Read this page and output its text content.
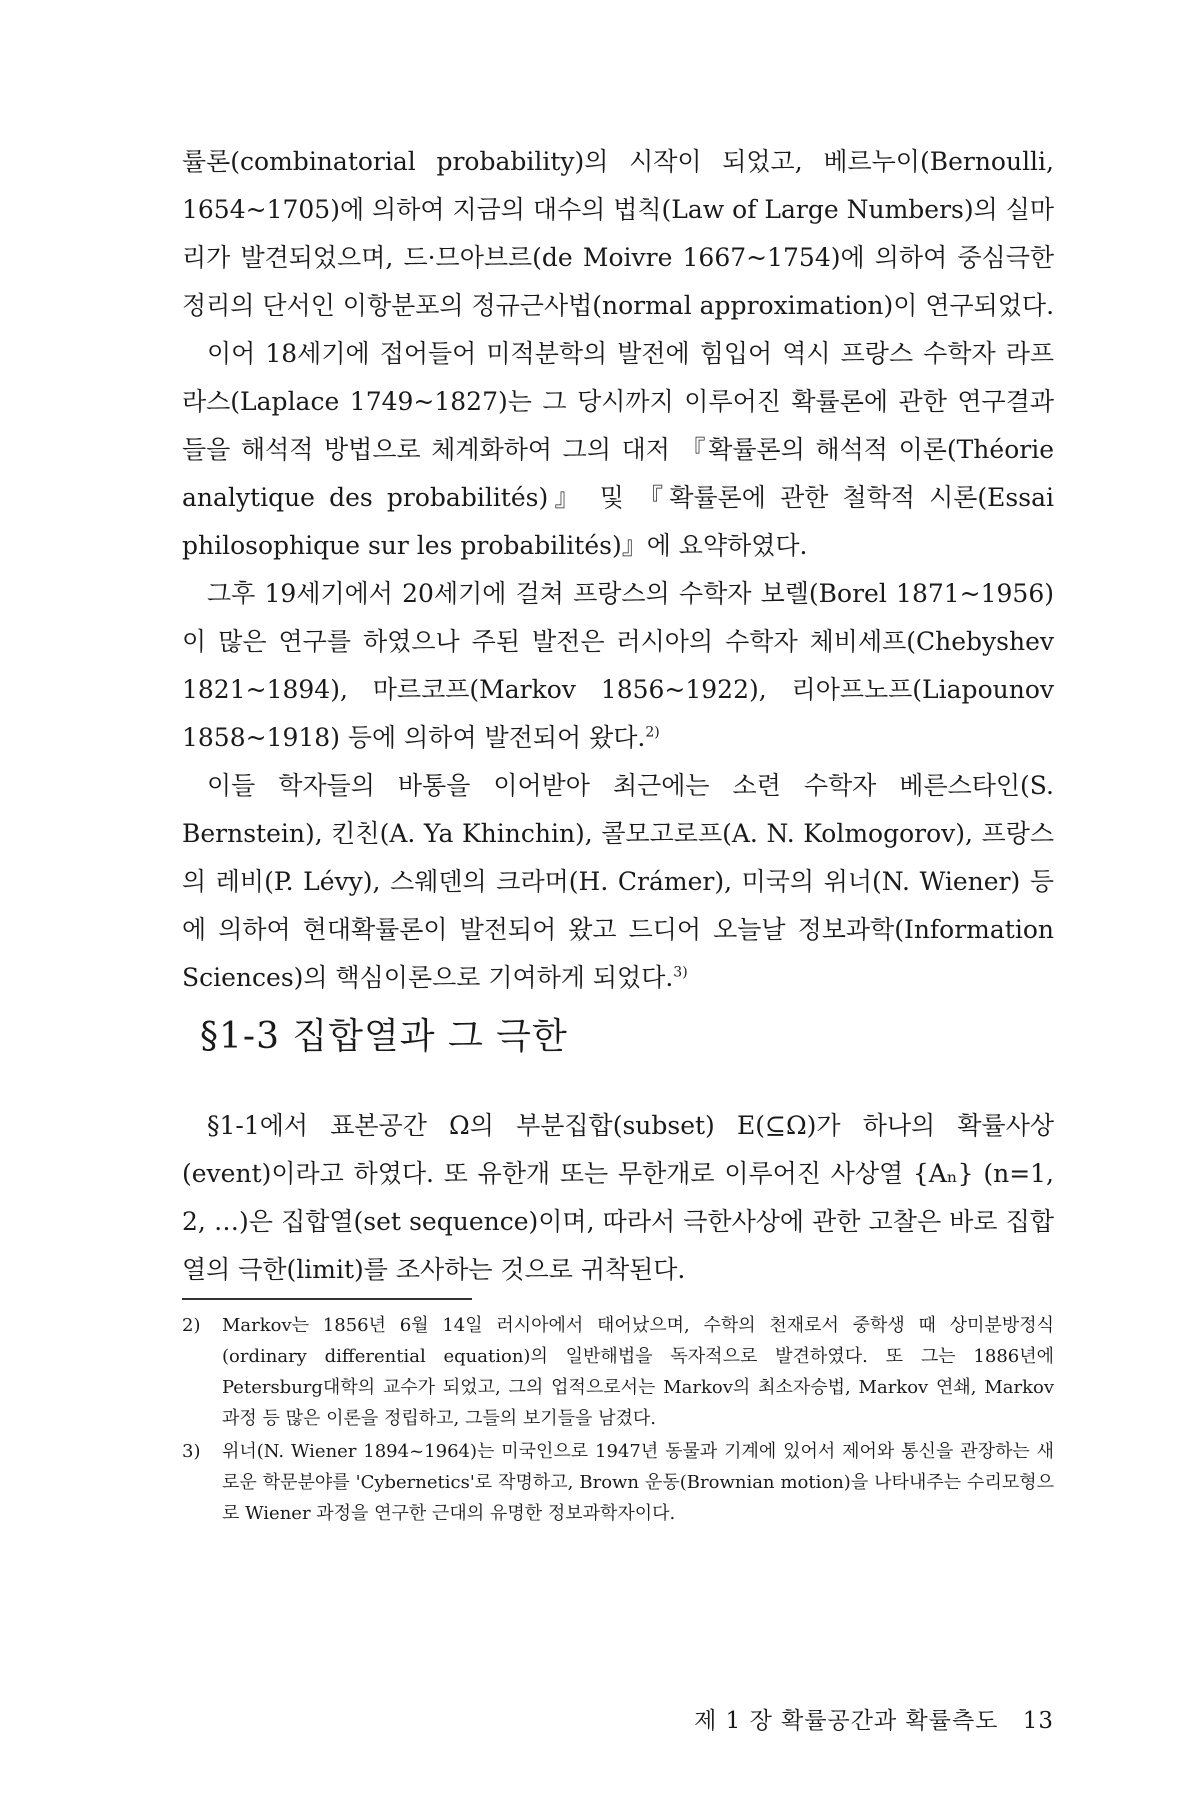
률론(combinatorial probability)의 시작이 되었고, 베르누이(Bernoulli, 1654~1705)에 의하여 지금의 대수의 법칙(Law of Large Numbers)의 실마리가 발견되었으며, 드·므아브르(de Moivre 1667~1754)에 의하여 중심극한정리의 단서인 이항분포의 정규근사법(normal approximation)이 연구되었다.

이어 18세기에 접어들어 미적분학의 발전에 힘입어 역시 프랑스 수학자 라프라스(Laplace 1749~1827)는 그 당시까지 이루어진 확률론에 관한 연구결과들을 해석적 방법으로 체계화하여 그의 대저 『확률론의 해석적 이론(Théorie analytique des probabilités)』 및 『확률론에 관한 철학적 시론(Essai philosophique sur les probabilités)』에 요약하였다.

그후 19세기에서 20세기에 걸쳐 프랑스의 수학자 보렐(Borel 1871~1956)이 많은 연구를 하였으나 주된 발전은 러시아의 수학자 체비세프(Chebyshev 1821~1894), 마르코프(Markov 1856~1922), 리아프노프(Liapounov 1858~1918) 등에 의하여 발전되어 왔다.$^{2)}$

이들 학자들의 바통을 이어받아 최근에는 소련 수학자 베른스타인(S. Bernstein), 킨친(A. Ya Khinchin), 콜모고로프(A. N. Kolmogorov), 프랑스의 레비(P. Lévy), 스웨덴의 크라머(H. Crámer), 미국의 위너(N. Wiener) 등에 의하여 현대확률론이 발전되어 왔고 드디어 오늘날 정보과학(Information Sciences)의 핵심이론으로 기여하게 되었다.$^{3)}$

§1-3 집합열과 그 극한

§1-1에서 표본공간 Ω의 부분집합(subset) E(⊆Ω)가 하나의 확률사상(event)이라고 하였다. 또 유한개 또는 무한개로 이루어진 사상열 {Aₙ} (n=1, 2, …)은 집합열(set sequence)이며, 따라서 극한사상에 관한 고찰은 바로 집합열의 극한(limit)를 조사하는 것으로 귀착된다.

2)	Markov는 1856년 6월 14일 러시아에서 태어났으며, 수학의 천재로서 중학생 때 상미분방정식(ordinary differential equation)의 일반해법을 독자적으로 발견하였다. 또 그는 1886년에 Petersburg대학의 교수가 되었고, 그의 업적으로서는 Markov의 최소자승법, Markov 연쇄, Markov 과정 등 많은 이론을 정립하고, 그들의 보기들을 남겼다.
3)	위너(N. Wiener 1894~1964)는 미국인으로 1947년 동물과 기계에 있어서 제어와 통신을 관장하는 새로운 학문분야를 'Cybernetics'로 작명하고, Brown 운동(Brownian motion)을 나타내주는 수리모형으로 Wiener 과정을 연구한 근대의 유명한 정보과학자이다.
제 1 장 확률공간과 확률측도 13
